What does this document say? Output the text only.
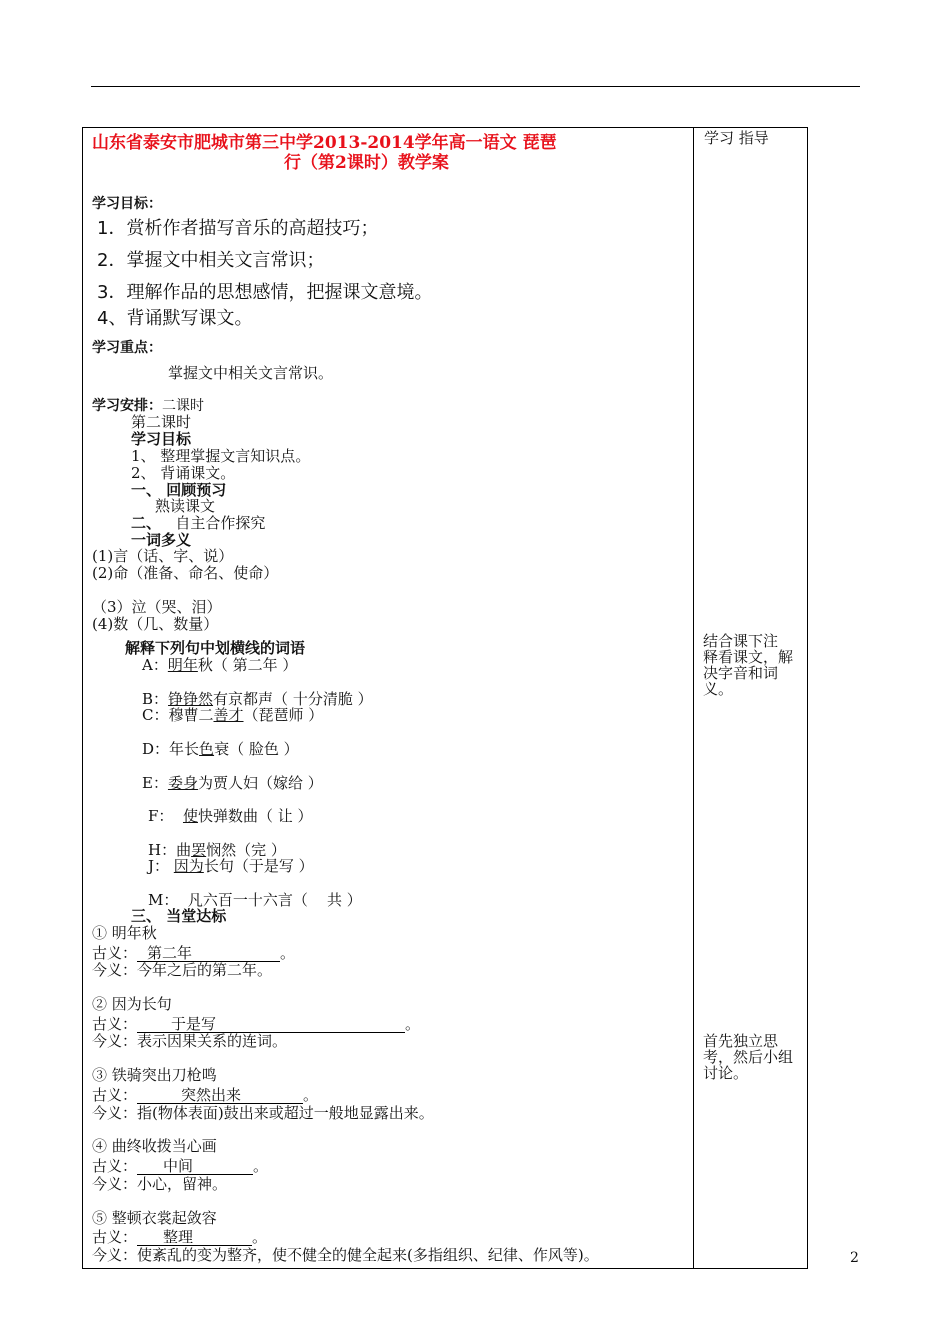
山东省泰安市肥城市第三中学2013-2014学年高一语文 琵琶
行（第2课时）教学案
学习 指导
结合课下注
释看课文，解
决字音和词
义。
首先独立思
考，然后小组
讨论。
学习目标：
1．赏析作者描写音乐的高超技巧；
2．掌握文中相关文言常识；
3．理解作品的思想感情，把握课文意境。
4、背诵默写课文。
学习重点：
掌握文中相关文言常识。
学习安排：二课时
第二课时
学习目标
1、 整理掌握文言知识点。
2、 背诵课文。
一、 回顾预习
熟读课文
二、 自主合作探究
一词多义
(1)言（话、字、说）
(2)命（准备、命名、使命）
（3）泣（哭、泪）
(4)数（几、数量）
解释下列句中划横线的词语
A：明年秋（ 第二年 ）
B：铮铮然有京都声（ 十分清脆 ）
C：穆曹二善才（琵琶师 ）
D：年长色衰（ 脸色 ）
E：委身为贾人妇（嫁给 ）
F： 使快弹数曲（ 让 ）
H：曲罢悯然（完 ）
J： 因为长句（于是写 ）
M： 凡六百一十六言（ 共 ）
三、 当堂达标
① 明年秋
古义： 第二年	。
今义：今年之后的第二年。
② 因为长句
古义： 于是写	。
今义：表示因果关系的连词。
③ 铁骑突出刀枪鸣
古义：	突然出来	。
今义：指(物体表面)鼓出来或超过一般地显露出来。
④ 曲终收拨当心画
古义： 中间	。
今义：小心，留神。
⑤ 整顿衣裳起敛容
古义： 整理	。
今义：使紊乱的变为整齐，使不健全的健全起来(多指组织、纪律、作风等)。	2
